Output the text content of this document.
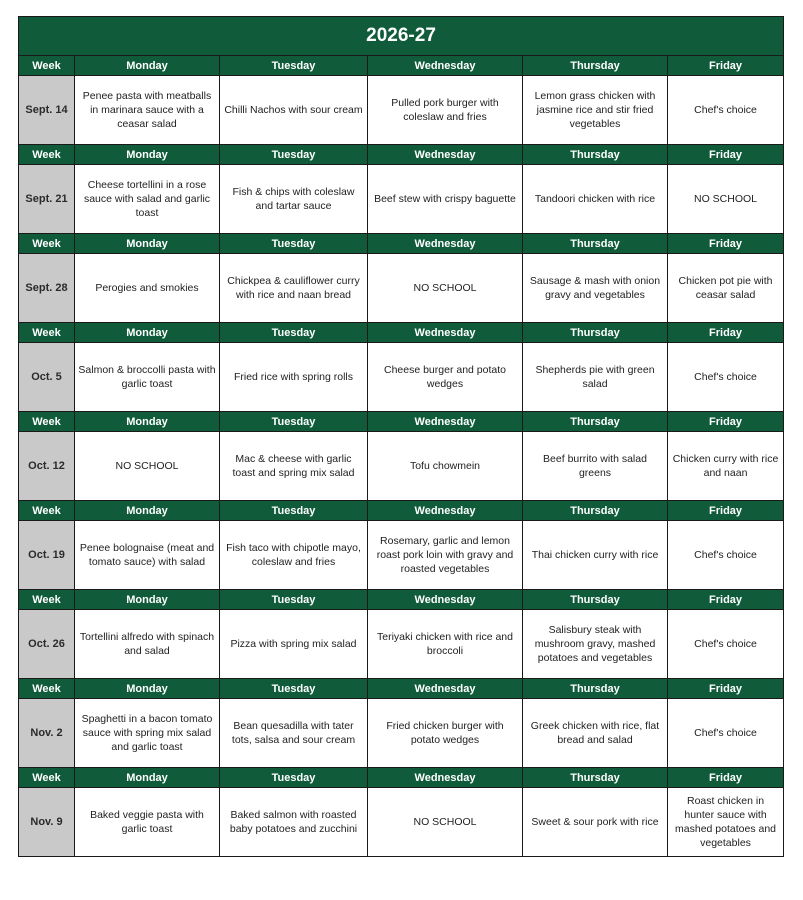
2026-27					
Week	Monday	Tuesday	Wednesday	Thursday	Friday
Sept. 14	Penee pasta with meatballs in marinara sauce with a ceasar salad	Chilli Nachos with sour cream	Pulled pork burger with coleslaw and fries	Lemon grass chicken with jasmine rice and stir fried vegetables	Chef's choice
Week	Monday	Tuesday	Wednesday	Thursday	Friday
Sept. 21	Cheese tortellini in a rose sauce with salad and garlic toast	Fish & chips with coleslaw and tartar sauce	Beef stew with crispy baguette	Tandoori chicken with rice	NO SCHOOL
Week	Monday	Tuesday	Wednesday	Thursday	Friday
Sept. 28	Perogies and smokies	Chickpea & cauliflower curry with rice and naan bread	NO SCHOOL	Sausage & mash with onion gravy and vegetables	Chicken pot pie with ceasar salad
Week	Monday	Tuesday	Wednesday	Thursday	Friday
Oct. 5	Salmon & broccolli pasta with garlic toast	Fried rice with spring rolls	Cheese burger and potato wedges	Shepherds pie with green salad	Chef's choice
Week	Monday	Tuesday	Wednesday	Thursday	Friday
Oct. 12	NO SCHOOL	Mac & cheese with garlic toast and spring mix salad	Tofu chowmein	Beef burrito with salad greens	Chicken curry with rice and naan
Week	Monday	Tuesday	Wednesday	Thursday	Friday
Oct. 19	Penee bolognaise (meat and tomato sauce) with salad	Fish taco with chipotle mayo, coleslaw and fries	Rosemary, garlic and lemon roast pork loin with gravy and roasted vegetables	Thai chicken curry with rice	Chef's choice
Week	Monday	Tuesday	Wednesday	Thursday	Friday
Oct. 26	Tortellini alfredo with spinach and salad	Pizza with spring mix salad	Teriyaki chicken with rice and broccoli	Salisbury steak with mushroom gravy, mashed potatoes and vegetables	Chef's choice
Week	Monday	Tuesday	Wednesday	Thursday	Friday
Nov. 2	Spaghetti in a bacon tomato sauce with spring mix salad and garlic toast	Bean quesadilla with tater tots, salsa and sour cream	Fried chicken burger with potato wedges	Greek chicken with rice, flat bread and salad	Chef's choice
Week	Monday	Tuesday	Wednesday	Thursday	Friday
Nov. 9	Baked veggie pasta with garlic toast	Baked salmon with roasted baby potatoes and zucchini	NO SCHOOL	Sweet & sour pork with rice	Roast chicken in hunter sauce with mashed potatoes and vegetables
